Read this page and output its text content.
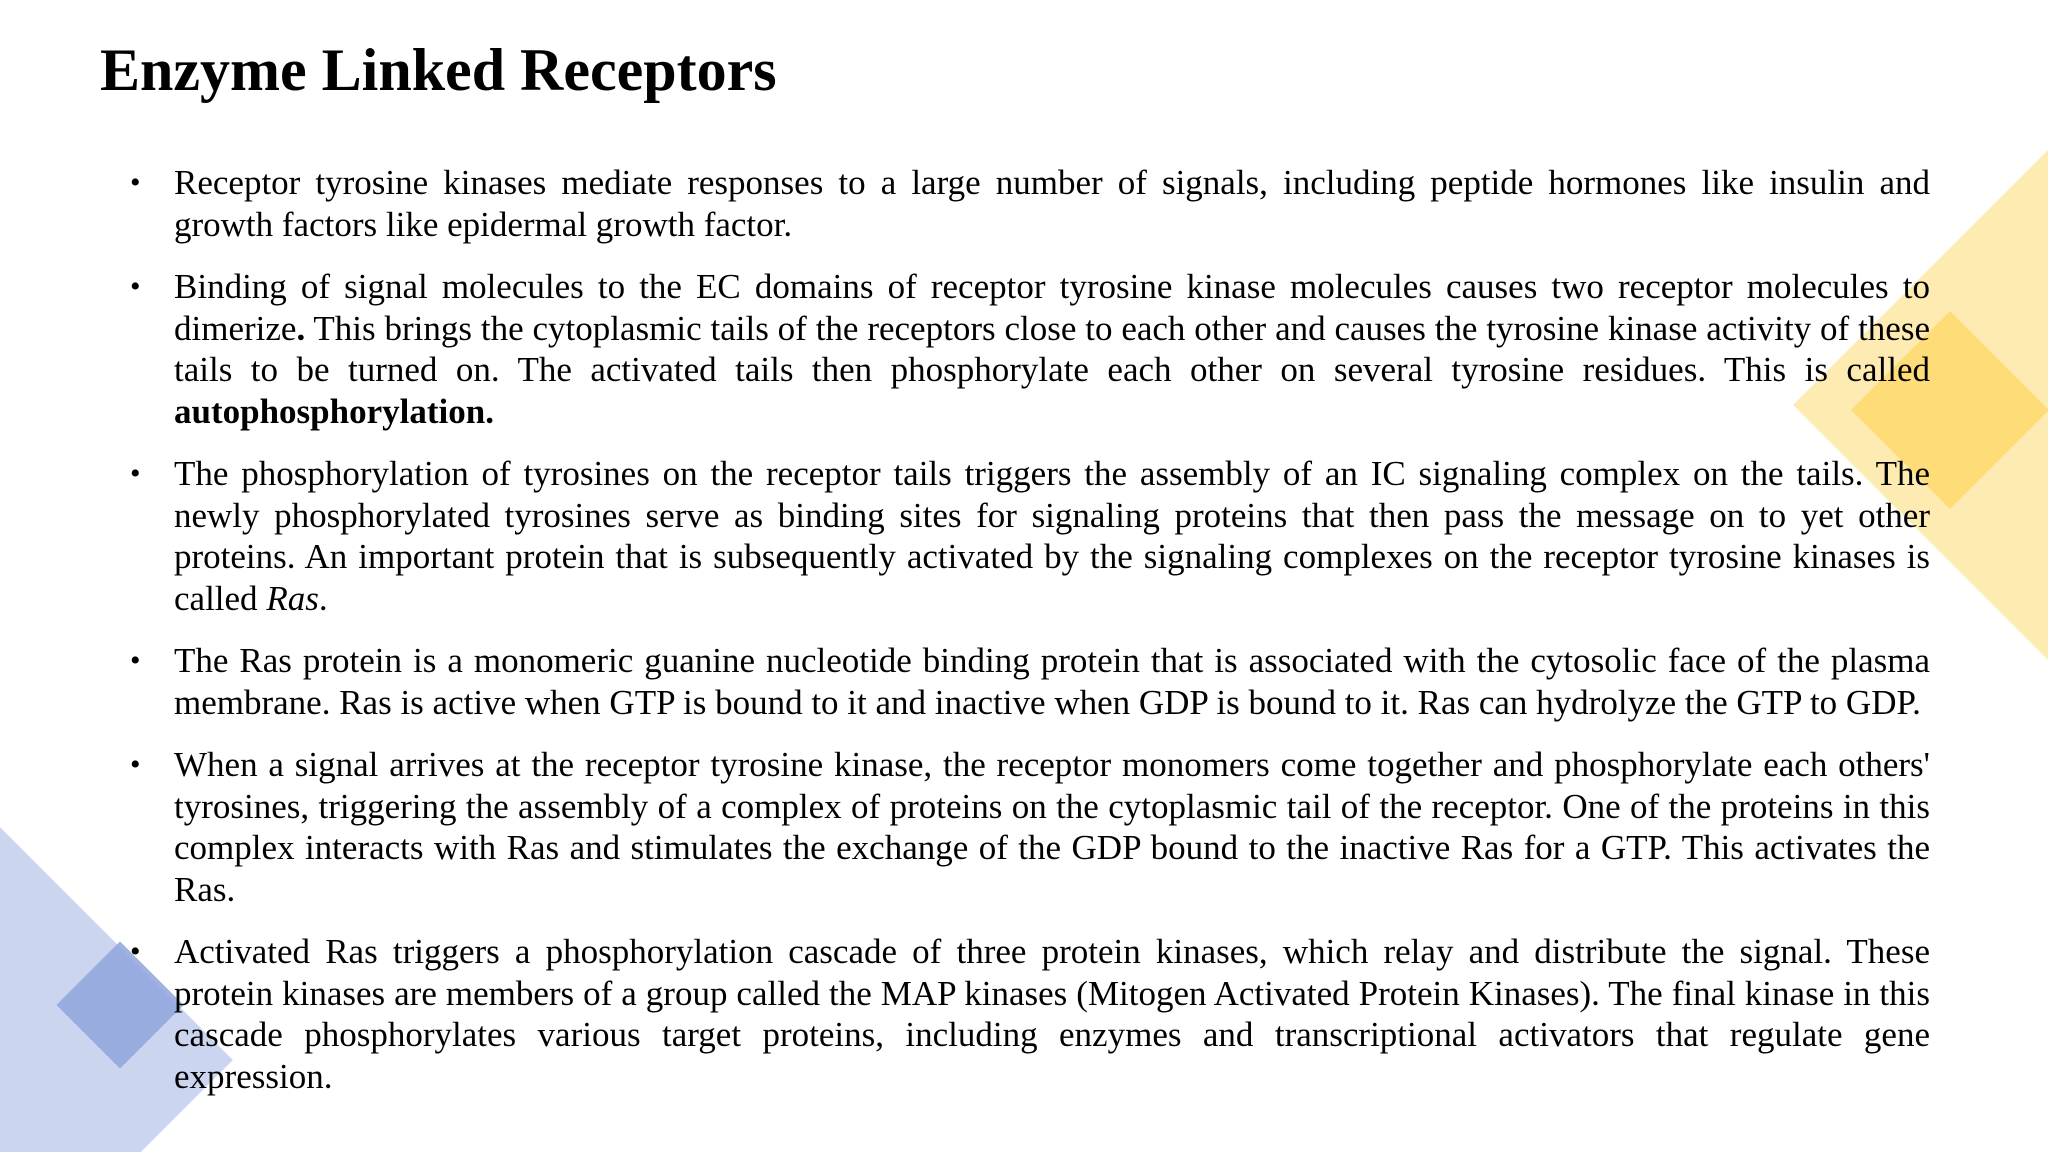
Enzyme Linked Receptors
• Receptor tyrosine kinases mediate responses to a large number of signals, including peptide hormones like insulin and growth factors like epidermal growth factor.
• Binding of signal molecules to the EC domains of receptor tyrosine kinase molecules causes two receptor molecules to dimerize. This brings the cytoplasmic tails of the receptors close to each other and causes the tyrosine kinase activity of these tails to be turned on. The activated tails then phosphorylate each other on several tyrosine residues. This is called autophosphorylation.
• The phosphorylation of tyrosines on the receptor tails triggers the assembly of an IC signaling complex on the tails. The newly phosphorylated tyrosines serve as binding sites for signaling proteins that then pass the message on to yet other proteins. An important protein that is subsequently activated by the signaling complexes on the receptor tyrosine kinases is called Ras.
• The Ras protein is a monomeric guanine nucleotide binding protein that is associated with the cytosolic face of the plasma membrane. Ras is active when GTP is bound to it and inactive when GDP is bound to it. Ras can hydrolyze the GTP to GDP.
• When a signal arrives at the receptor tyrosine kinase, the receptor monomers come together and phosphorylate each others' tyrosines, triggering the assembly of a complex of proteins on the cytoplasmic tail of the receptor. One of the proteins in this complex interacts with Ras and stimulates the exchange of the GDP bound to the inactive Ras for a GTP. This activates the Ras.
• Activated Ras triggers a phosphorylation cascade of three protein kinases, which relay and distribute the signal. These protein kinases are members of a group called the MAP kinases (Mitogen Activated Protein Kinases). The final kinase in this cascade phosphorylates various target proteins, including enzymes and transcriptional activators that regulate gene expression.
